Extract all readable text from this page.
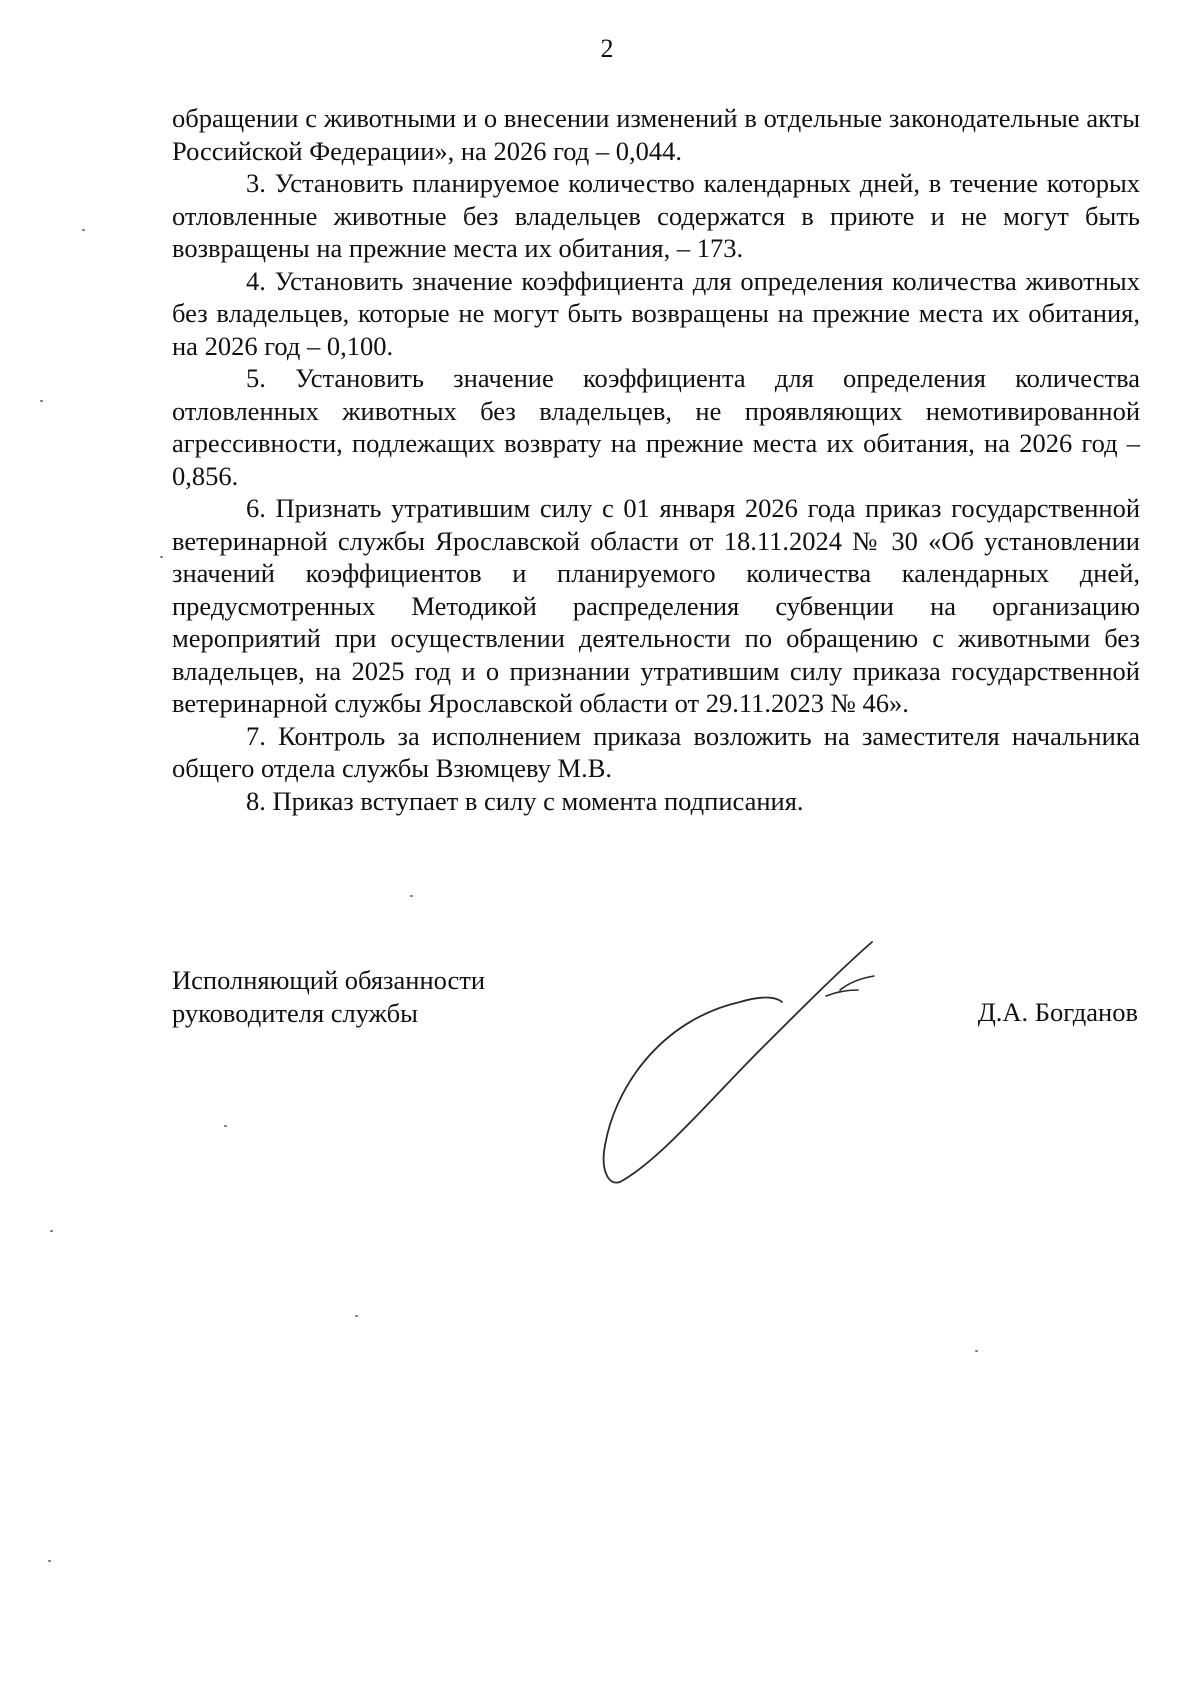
2

обращении с животными и о внесении изменений в отдельные законодательные акты Российской Федерации», на 2026 год – 0,044.

3. Установить планируемое количество календарных дней, в течение которых отловленные животные без владельцев содержатся в приюте и не могут быть возвращены на прежние места их обитания, – 173.

4. Установить значение коэффициента для определения количества животных без владельцев, которые не могут быть возвращены на прежние места их обитания, на 2026 год – 0,100.

5. Установить значение коэффициента для определения количества отловленных животных без владельцев, не проявляющих немотивированной агрессивности, подлежащих возврату на прежние места их обитания, на 2026 год – 0,856.

6. Признать утратившим силу с 01 января 2026 года приказ государственной ветеринарной службы Ярославской области от 18.11.2024 № 30 «Об установлении значений коэффициентов и планируемого количества календарных дней, предусмотренных Методикой распределения субвенции на организацию мероприятий при осуществлении деятельности по обращению с животными без владельцев, на 2025 год и о признании утратившим силу приказа государственной ветеринарной службы Ярославской области от 29.11.2023 № 46».

7. Контроль за исполнением приказа возложить на заместителя начальника общего отдела службы Взюмцеву М.В.

8. Приказ вступает в силу с момента подписания.

Исполняющий обязанности
руководителя службы	Д.А. Богданов
